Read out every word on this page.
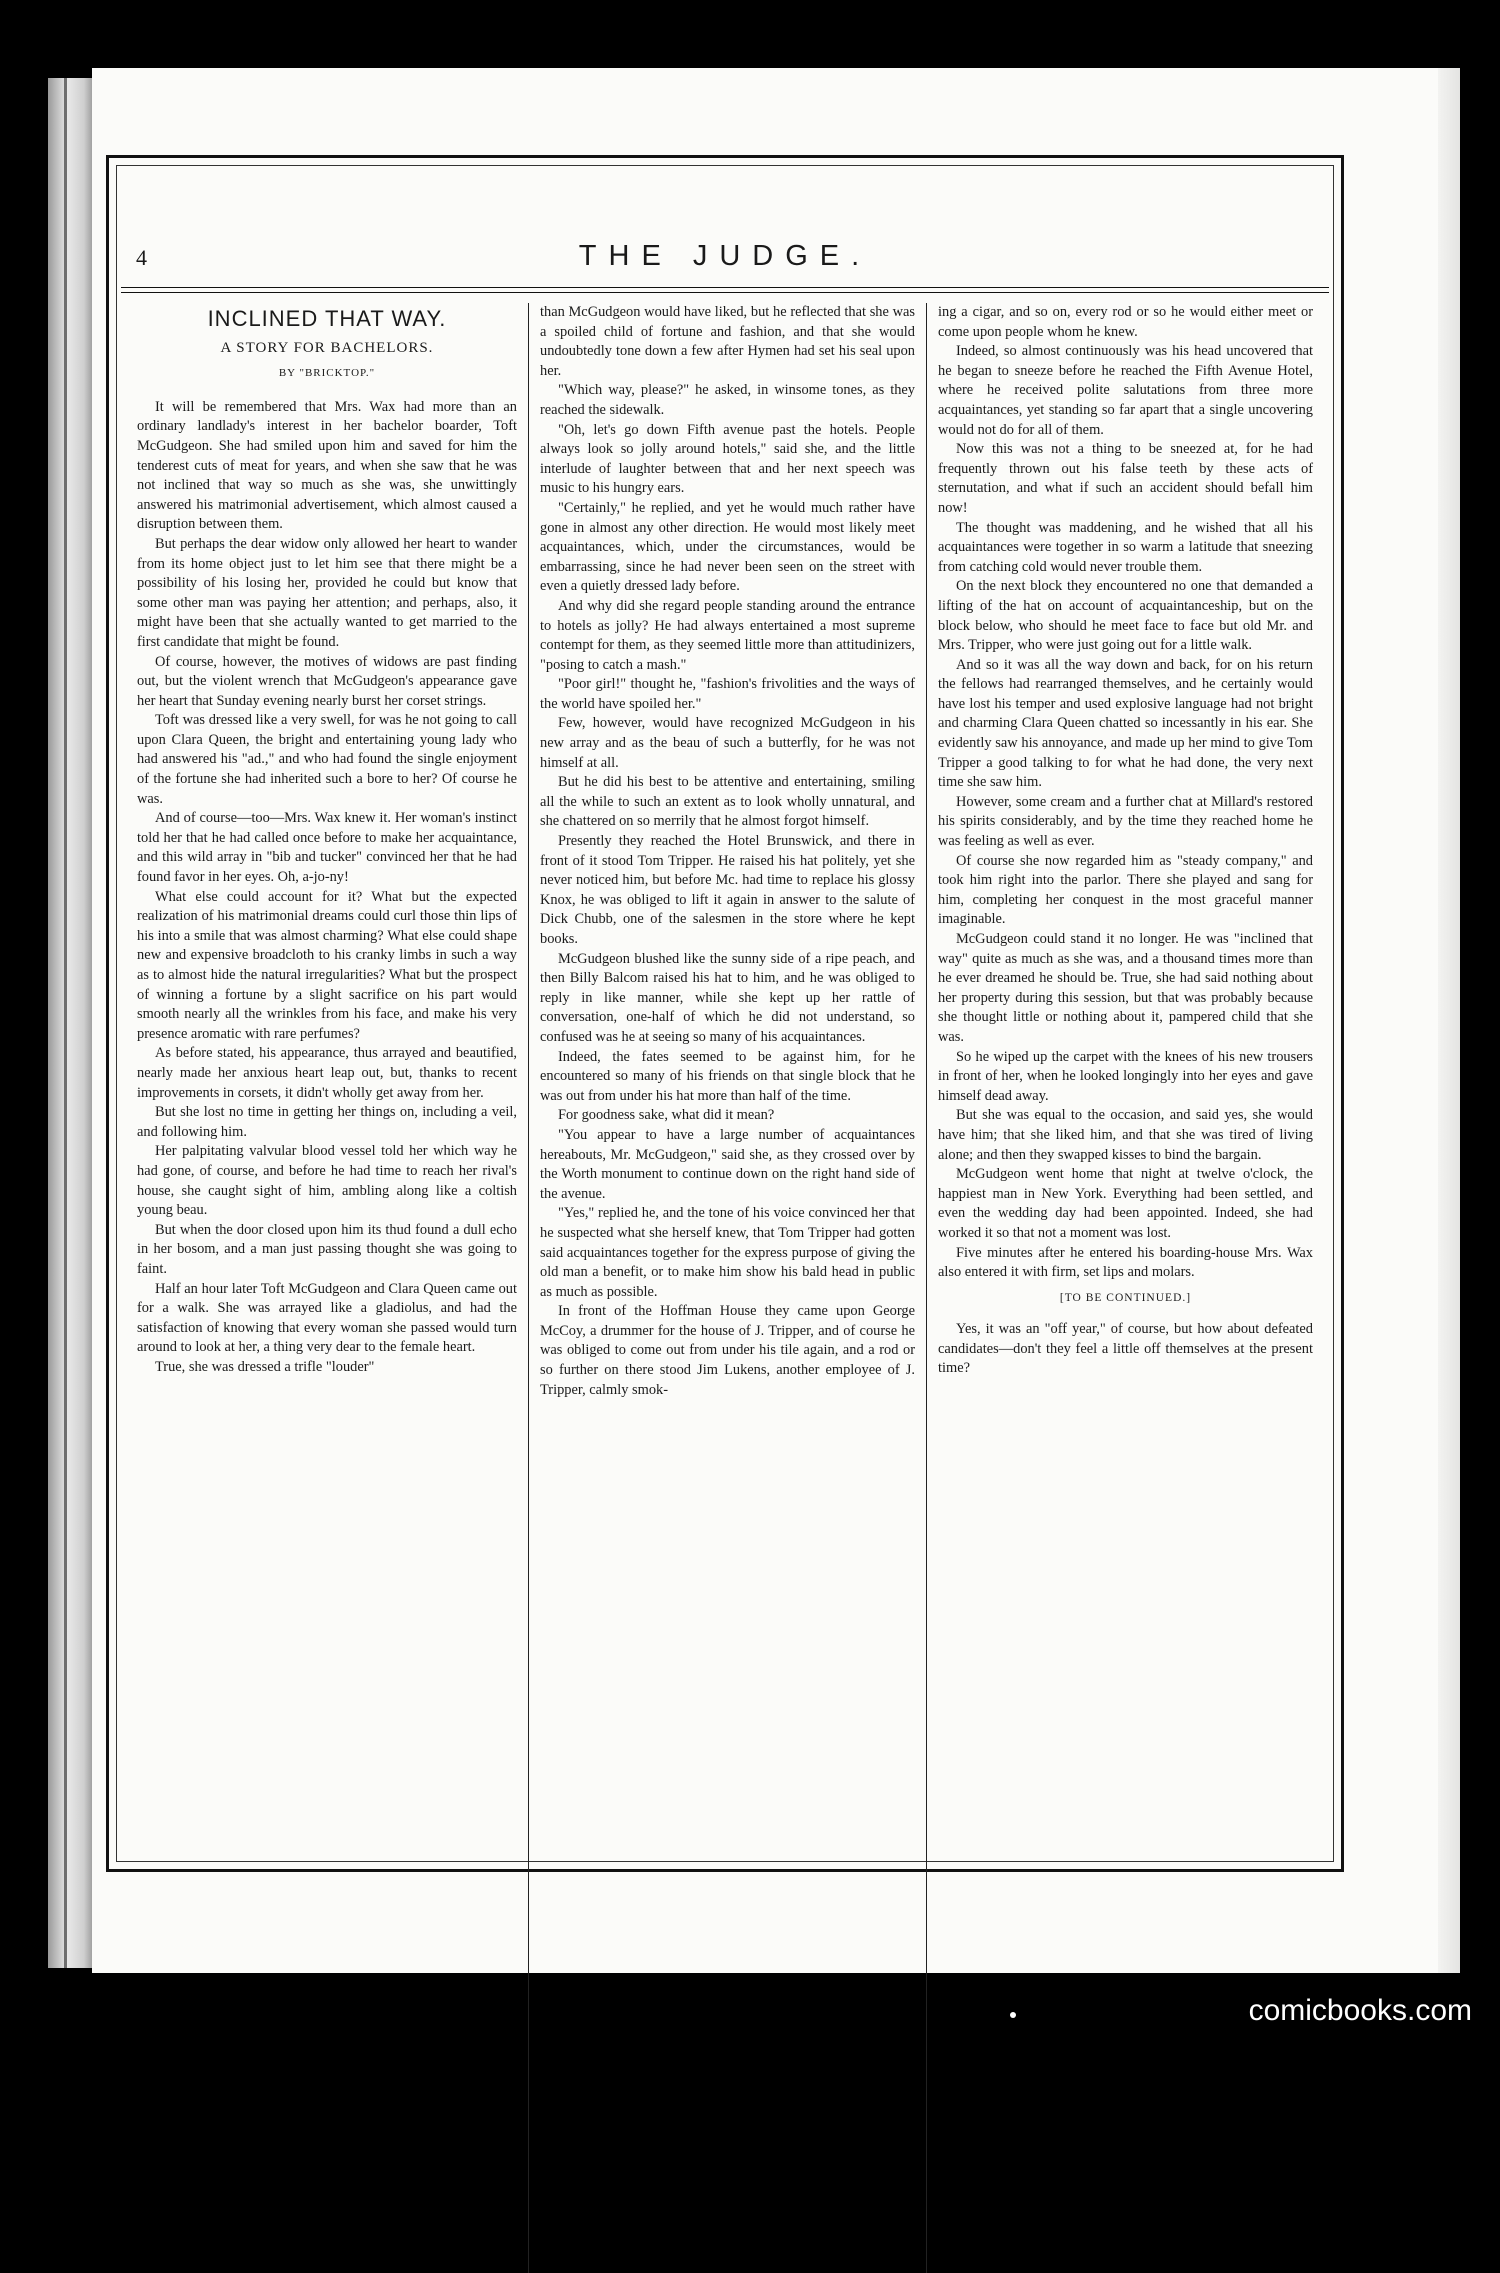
4	THE JUDGE.
INCLINED THAT WAY.
A STORY FOR BACHELORS.
BY "BRICKTOP."

It will be remembered that Mrs. Wax had more than an ordinary landlady's interest in her bachelor boarder, Toft McGudgeon. She had smiled upon him and saved for him the tenderest cuts of meat for years, and when she saw that he was not inclined that way so much as she was, she unwittingly answered his matrimonial advertisement, which almost caused a disruption between them.

But perhaps the dear widow only allowed her heart to wander from its home object just to let him see that there might be a possibility of his losing her, provided he could but know that some other man was paying her attention; and perhaps, also, it might have been that she actually wanted to get married to the first candidate that might be found.

Of course, however, the motives of widows are past finding out, but the violent wrench that McGudgeon's appearance gave her heart that Sunday evening nearly burst her corset strings.

Toft was dressed like a very swell, for was he not going to call upon Clara Queen, the bright and entertaining young lady who had answered his "ad.," and who had found the single enjoyment of the fortune she had inherited such a bore to her? Of course he was.

And of course—too—Mrs. Wax knew it. Her woman's instinct told her that he had called once before to make her acquaintance, and this wild array in "bib and tucker" convinced her that he had found favor in her eyes. Oh, a-jo-ny!

What else could account for it? What but the expected realization of his matrimonial dreams could curl those thin lips of his into a smile that was almost charming? What else could shape new and expensive broadcloth to his cranky limbs in such a way as to almost hide the natural irregularities? What but the prospect of winning a fortune by a slight sacrifice on his part would smooth nearly all the wrinkles from his face, and make his very presence aromatic with rare perfumes?

As before stated, his appearance, thus arrayed and beautified, nearly made her anxious heart leap out, but, thanks to recent improvements in corsets, it didn't wholly get away from her.

But she lost no time in getting her things on, including a veil, and following him.

Her palpitating valvular blood vessel told her which way he had gone, of course, and before he had time to reach her rival's house, she caught sight of him, ambling along like a coltish young beau.

But when the door closed upon him its thud found a dull echo in her bosom, and a man just passing thought she was going to faint.

Half an hour later Toft McGudgeon and Clara Queen came out for a walk. She was arrayed like a gladiolus, and had the satisfaction of knowing that every woman she passed would turn around to look at her, a thing very dear to the female heart.

True, she was dressed a trifle "louder"

than McGudgeon would have liked, but he reflected that she was a spoiled child of fortune and fashion, and that she would undoubtedly tone down a few after Hymen had set his seal upon her.

"Which way, please?" he asked, in winsome tones, as they reached the sidewalk.

"Oh, let's go down Fifth avenue past the hotels. People always look so jolly around hotels," said she, and the little interlude of laughter between that and her next speech was music to his hungry ears.

"Certainly," he replied, and yet he would much rather have gone in almost any other direction. He would most likely meet acquaintances, which, under the circumstances, would be embarrassing, since he had never been seen on the street with even a quietly dressed lady before.

And why did she regard people standing around the entrance to hotels as jolly? He had always entertained a most supreme contempt for them, as they seemed little more than attitudinizers, "posing to catch a mash."

"Poor girl!" thought he, "fashion's frivolities and the ways of the world have spoiled her."

Few, however, would have recognized McGudgeon in his new array and as the beau of such a butterfly, for he was not himself at all.

But he did his best to be attentive and entertaining, smiling all the while to such an extent as to look wholly unnatural, and she chattered on so merrily that he almost forgot himself.

Presently they reached the Hotel Brunswick, and there in front of it stood Tom Tripper. He raised his hat politely, yet she never noticed him, but before Mc. had time to replace his glossy Knox, he was obliged to lift it again in answer to the salute of Dick Chubb, one of the salesmen in the store where he kept books.

McGudgeon blushed like the sunny side of a ripe peach, and then Billy Balcom raised his hat to him, and he was obliged to reply in like manner, while she kept up her rattle of conversation, one-half of which he did not understand, so confused was he at seeing so many of his acquaintances.

Indeed, the fates seemed to be against him, for he encountered so many of his friends on that single block that he was out from under his hat more than half of the time.

For goodness sake, what did it mean?

"You appear to have a large number of acquaintances hereabouts, Mr. McGudgeon," said she, as they crossed over by the Worth monument to continue down on the right hand side of the avenue.

"Yes," replied he, and the tone of his voice convinced her that he suspected what she herself knew, that Tom Tripper had gotten said acquaintances together for the express purpose of giving the old man a benefit, or to make him show his bald head in public as much as possible.

In front of the Hoffman House they came upon George McCoy, a drummer for the house of J. Tripper, and of course he was obliged to come out from under his tile again, and a rod or so further on there stood Jim Lukens, another employee of J. Tripper, calmly smok-

ing a cigar, and so on, every rod or so he would either meet or come upon people whom he knew.

Indeed, so almost continuously was his head uncovered that he began to sneeze before he reached the Fifth Avenue Hotel, where he received polite salutations from three more acquaintances, yet standing so far apart that a single uncovering would not do for all of them.

Now this was not a thing to be sneezed at, for he had frequently thrown out his false teeth by these acts of sternutation, and what if such an accident should befall him now!

The thought was maddening, and he wished that all his acquaintances were together in so warm a latitude that sneezing from catching cold would never trouble them.

On the next block they encountered no one that demanded a lifting of the hat on account of acquaintanceship, but on the block below, who should he meet face to face but old Mr. and Mrs. Tripper, who were just going out for a little walk.

And so it was all the way down and back, for on his return the fellows had rearranged themselves, and he certainly would have lost his temper and used explosive language had not bright and charming Clara Queen chatted so incessantly in his ear. She evidently saw his annoyance, and made up her mind to give Tom Tripper a good talking to for what he had done, the very next time she saw him.

However, some cream and a further chat at Millard's restored his spirits considerably, and by the time they reached home he was feeling as well as ever.

Of course she now regarded him as "steady company," and took him right into the parlor. There she played and sang for him, completing her conquest in the most graceful manner imaginable.

McGudgeon could stand it no longer. He was "inclined that way" quite as much as she was, and a thousand times more than he ever dreamed he should be. True, she had said nothing about her property during this session, but that was probably because she thought little or nothing about it, pampered child that she was.

So he wiped up the carpet with the knees of his new trousers in front of her, when he looked longingly into her eyes and gave himself dead away.

But she was equal to the occasion, and said yes, she would have him; that she liked him, and that she was tired of living alone; and then they swapped kisses to bind the bargain.

McGudgeon went home that night at twelve o'clock, the happiest man in New York. Everything had been settled, and even the wedding day had been appointed. Indeed, she had worked it so that not a moment was lost.

Five minutes after he entered his boarding-house Mrs. Wax also entered it with firm, set lips and molars.

[TO BE CONTINUED.]

Yes, it was an "off year," of course, but how about defeated candidates—don't they feel a little off themselves at the present time?

comicbooks.com
